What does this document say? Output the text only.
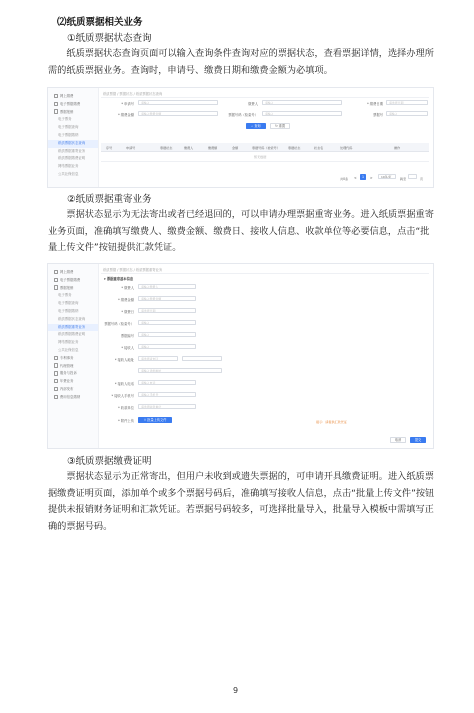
⑵纸质票据相关业务
①纸质票据状态查询
纸质票据状态查询页面可以输入查询条件查询对应的票据状态，查看票据详情，选择办理所需的纸质票据业务。查询时，申请号、缴费日期和缴费金额为必填项。
网上缴费
电子票据缴费
票据报销
电子票务
电子票据查询
电子票据缴纳
纸质票据状态查询
纸质票据重寄业务
纸质票据缴费证明
网络票据业务
公共社保信息
纸质票据 / 票据状态 / 纸质票据状态查询
* 申请号	请输入	缴费人	请输入	* 缴费日期	请选择日期
* 缴费金额	请输入缴费金额	票据号码（检索号）	请输入	票据号	请输入
⌕ 查询	↻ 重置
序号	申请号	票据状态	缴费人	缴费额	金额	票据号码（检索号）	票据状态	状态名	处理代码	操作
暂无数据
共0条 <	1	>	10条/页	跳至	页
②纸质票据重寄业务
票据状态显示为无法寄出或者已经退回的，可以申请办理票据重寄业务。进入纸质票据重寄业务页面，准确填写缴费人、缴费金额、缴费日、接收人信息、收款单位等必要信息，点击“批量上传文件”按钮提供汇款凭证。
网上缴费
电子票据缴费
票据报销
电子票务
电子票据查询
电子票据缴纳
纸质票据状态查询
纸质票据重寄业务
纸质票据缴费证明
网络票据业务
公共社保信息
专利事务
代理管理
服务与投诉
年费业务
内部发布
费用信息缴纳
纸质票据 / 票据状态 / 纸质票据重寄业务
▾ 票据重寄基本信息
* 缴费人	请输入缴费人
* 缴费金额	请输入缴费金额
* 缴费日	请选择日期
票据号码（检索号）	请输入
票据编号	请输入
* 接收人	请输入
* 接收人地址	请选择省市区
请输入详细地址
* 接收人电话	请输入电话
* 接收人手机号	请输入手机号
* 收款单位	请选择收款单位
* 附件上传	⇪ 批量上传文件	提示：请提供汇款凭证
取消	提交
③纸质票据缴费证明
票据状态显示为正常寄出，但用户未收到或遗失票据的，可申请开具缴费证明。进入纸质票据缴费证明页面，添加单个或多个票据号码后，准确填写接收人信息，点击“批量上传文件”按钮提供未报销财务证明和汇款凭证。若票据号码较多，可选择批量导入，批量导入模板中需填写正确的票据号码。
9
